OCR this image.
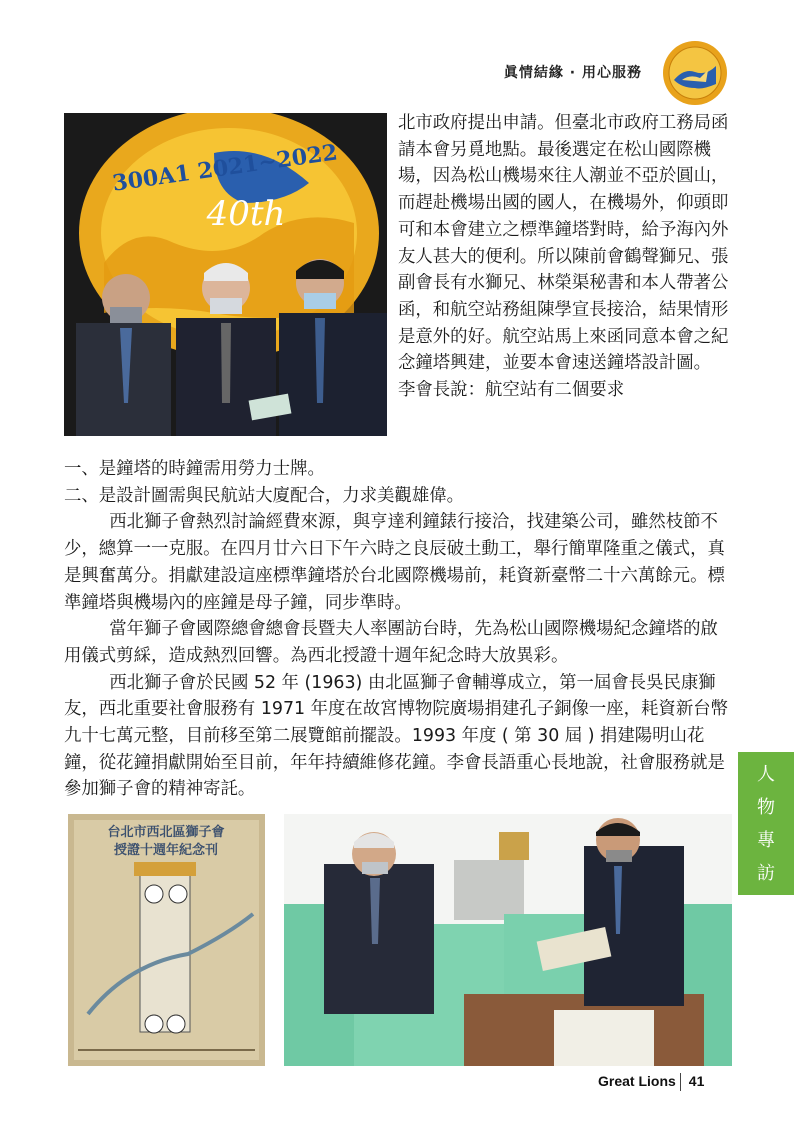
眞情結緣 · 用心服務
300A1 2021~2022
40th

北市政府提出申請。但臺北市政府工務局函請本會另覓地點。最後選定在松山國際機場，因為松山機場來往人潮並不亞於圓山，而趕赴機場出國的國人，在機場外，仰頭即可和本會建立之標準鐘塔對時，給予海內外友人甚大的便利。所以陳前會鶴聲獅兄、張副會長有水獅兄、林榮渠秘書和本人帶著公函，和航空站務組陳學宣長接洽，結果情形是意外的好。航空站馬上來函同意本會之紀念鐘塔興建，並要本會速送鐘塔設計圖。

李會長說：航空站有二個要求

一、是鐘塔的時鐘需用勞力士牌。

二、是設計圖需與民航站大廈配合，力求美觀雄偉。

西北獅子會熱烈討論經費來源，與亨達利鐘錶行接洽，找建築公司，雖然枝節不少，總算一一克服。在四月廿六日下午六時之良辰破土動工，舉行簡單隆重之儀式，真是興奮萬分。捐獻建設這座標準鐘塔於台北國際機場前，耗資新臺幣二十六萬餘元。標準鐘塔與機場內的座鐘是母子鐘，同步準時。

當年獅子會國際總會總會長暨夫人率團訪台時，先為松山國際機場紀念鐘塔的啟用儀式剪綵，造成熱烈回響。為西北授證十週年紀念時大放異彩。

西北獅子會於民國 52 年 (1963) 由北區獅子會輔導成立，第一屆會長吳民康獅友，西北重要社會服務有 1971 年度在故宮博物院廣場捐建孔子銅像一座，耗資新台幣九十七萬元整，目前移至第二展覽館前擺設。1993 年度 ( 第 30 屆 ) 捐建陽明山花鐘，從花鐘捐獻開始至目前，年年持續維修花鐘。李會長語重心長地說，社會服務就是參加獅子會的精神寄託。

人
物
專
訪
台北市西北區獅子會
授證十週年紀念刊
Great Lions 41
